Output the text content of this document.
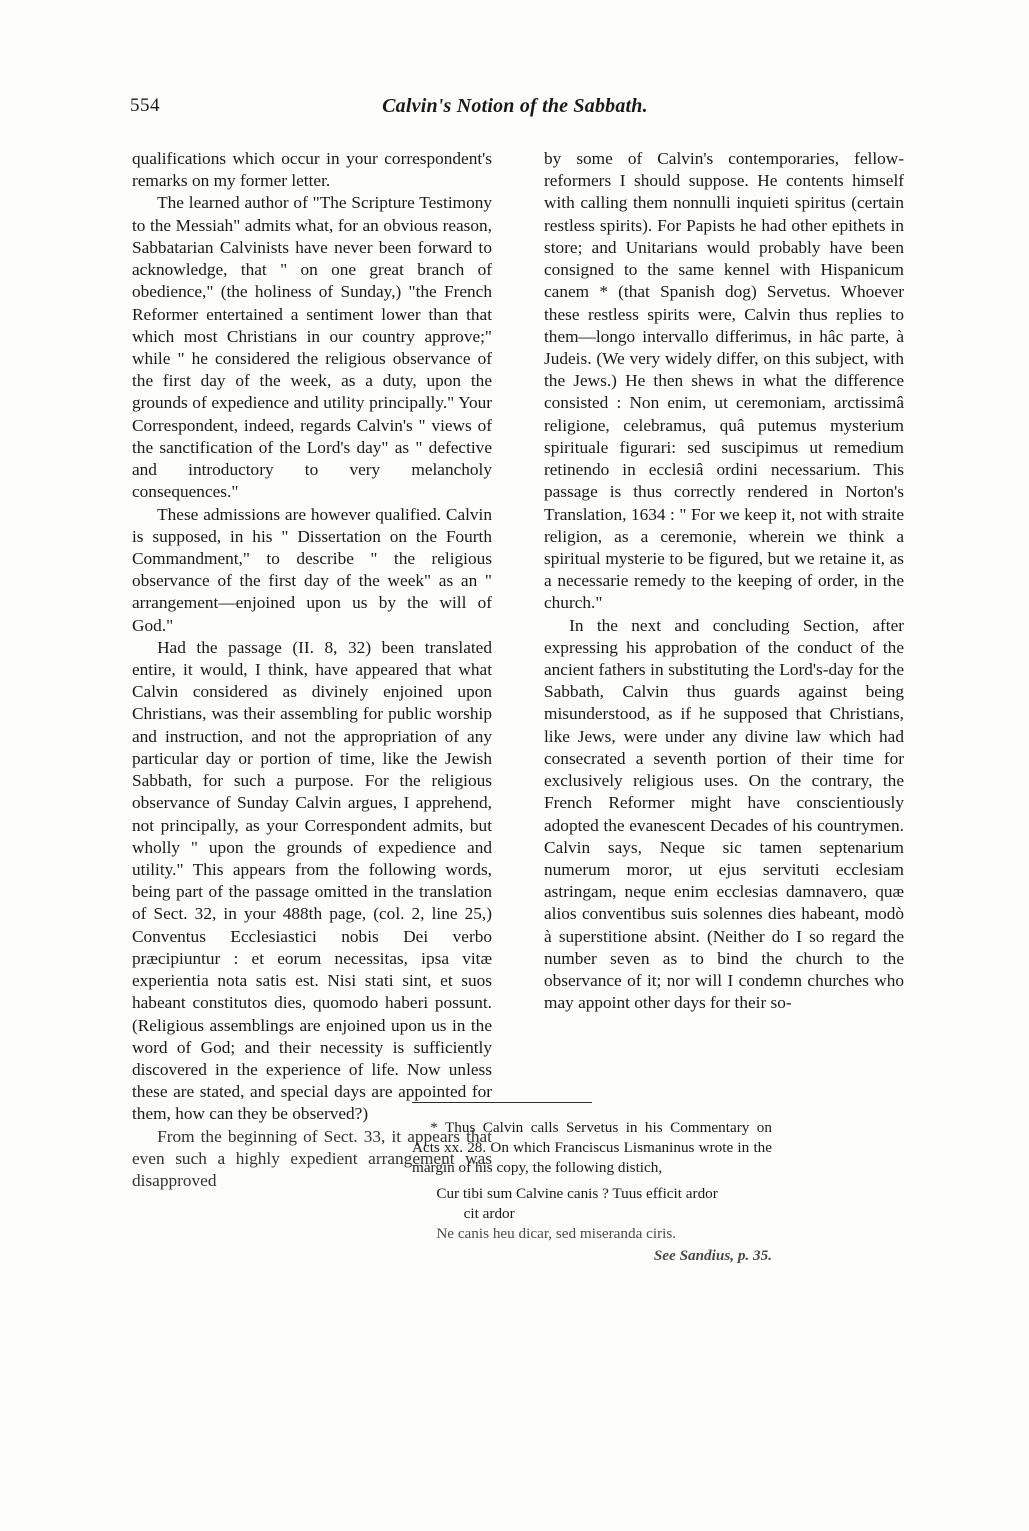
554	Calvin's Notion of the Sabbath.

qualifications which occur in your correspondent's remarks on my former letter.

The learned author of "The Scripture Testimony to the Messiah" admits what, for an obvious reason, Sabbatarian Calvinists have never been forward to acknowledge, that " on one great branch of obedience," (the holiness of Sunday,) "the French Reformer entertained a sentiment lower than that which most Christians in our country approve;" while " he considered the religious observance of the first day of the week, as a duty, upon the grounds of expedience and utility principally." Your Correspondent, indeed, regards Calvin's " views of the sanctification of the Lord's day" as " defective and introductory to very melancholy consequences."

These admissions are however qualified. Calvin is supposed, in his " Dissertation on the Fourth Commandment," to describe " the religious observance of the first day of the week" as an " arrangement—enjoined upon us by the will of God."

Had the passage (II. 8, 32) been translated entire, it would, I think, have appeared that what Calvin considered as divinely enjoined upon Christians, was their assembling for public worship and instruction, and not the appropriation of any particular day or portion of time, like the Jewish Sabbath, for such a purpose. For the religious observance of Sunday Calvin argues, I apprehend, not principally, as your Correspondent admits, but wholly " upon the grounds of expedience and utility." This appears from the following words, being part of the passage omitted in the translation of Sect. 32, in your 488th page, (col. 2, line 25,) Conventus Ecclesiastici nobis Dei verbo præcipiuntur : et eorum necessitas, ipsa vitæ experientia nota satis est. Nisi stati sint, et suos habeant constitutos dies, quomodo haberi possunt. (Religious assemblings are enjoined upon us in the word of God; and their necessity is sufficiently discovered in the experience of life. Now unless these are stated, and special days are appointed for them, how can they be observed?)

From the beginning of Sect. 33, it appears that even such a highly expedient arrangement was disapproved

by some of Calvin's contemporaries, fellow-reformers I should suppose. He contents himself with calling them nonnulli inquieti spiritus (certain restless spirits). For Papists he had other epithets in store; and Unitarians would probably have been consigned to the same kennel with Hispanicum canem * (that Spanish dog) Servetus. Whoever these restless spirits were, Calvin thus replies to them—longo intervallo differimus, in hâc parte, à Judeis. (We very widely differ, on this subject, with the Jews.) He then shews in what the difference consisted : Non enim, ut ceremoniam, arctissimâ religione, celebramus, quâ putemus mysterium spirituale figurari: sed suscipimus ut remedium retinendo in ecclesiâ ordini necessarium. This passage is thus correctly rendered in Norton's Translation, 1634 : " For we keep it, not with straite religion, as a ceremonie, wherein we think a spiritual mysterie to be figured, but we retaine it, as a necessarie remedy to the keeping of order, in the church."

In the next and concluding Section, after expressing his approbation of the conduct of the ancient fathers in substituting the Lord's-day for the Sabbath, Calvin thus guards against being misunderstood, as if he supposed that Christians, like Jews, were under any divine law which had consecrated a seventh portion of their time for exclusively religious uses. On the contrary, the French Reformer might have conscientiously adopted the evanescent Decades of his countrymen. Calvin says, Neque sic tamen septenarium numerum moror, ut ejus servituti ecclesiam astringam, neque enim ecclesias damnavero, quæ alios conventibus suis solennes dies habeant, modò à superstitione absint. (Neither do I so regard the number seven as to bind the church to the observance of it; nor will I condemn churches who may appoint other days for their so-

* Thus Calvin calls Servetus in his Commentary on Acts xx. 28. On which Franciscus Lismaninus wrote in the margin of his copy, the following distich,

Cur tibi sum Calvine canis ? Tuus efficit ardor
cit ardor
Ne canis heu dicar, sed miseranda ciris.
See Sandius, p. 35.
